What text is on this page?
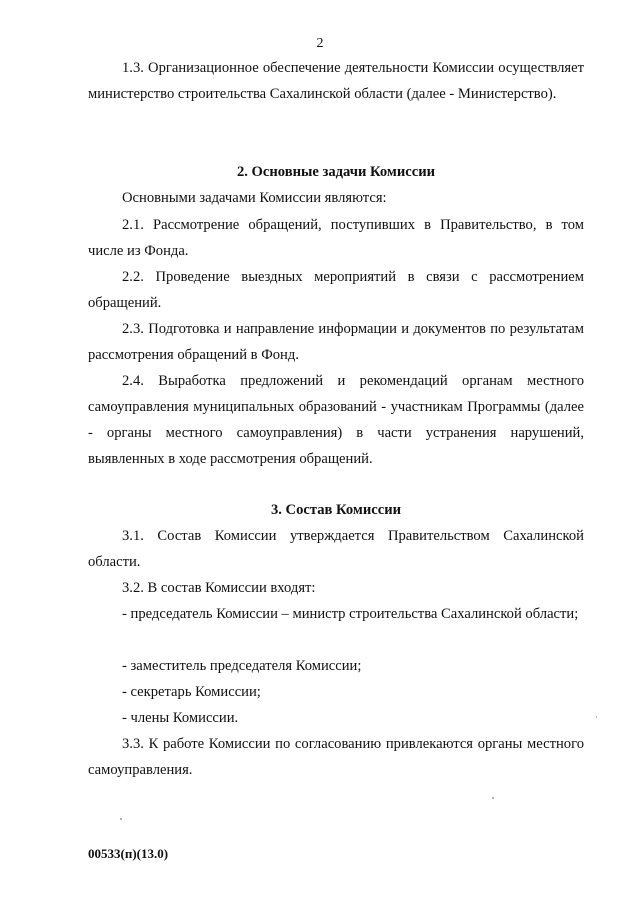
2

1.3. Организационное обеспечение деятельности Комиссии осуществляет министерство строительства Сахалинской области (далее - Министерство).

2. Основные задачи Комиссии

Основными задачами Комиссии являются:

2.1. Рассмотрение обращений, поступивших в Правительство, в том числе из Фонда.

2.2. Проведение выездных мероприятий в связи с рассмотрением обращений.

2.3. Подготовка и направление информации и документов по результатам рассмотрения обращений в Фонд.

2.4. Выработка предложений и рекомендаций органам местного самоуправления муниципальных образований - участникам Программы (далее - органы местного самоуправления) в части устранения нарушений, выявленных в ходе рассмотрения обращений.

3. Состав Комиссии

3.1. Состав Комиссии утверждается Правительством Сахалинской области.

3.2. В состав Комиссии входят:

- председатель Комиссии – министр строительства Сахалинской области;

- заместитель председателя Комиссии;

- секретарь Комиссии;

- члены Комиссии.

3.3. К работе Комиссии по согласованию привлекаются органы местного самоуправления.

00533(п)(13.0)
